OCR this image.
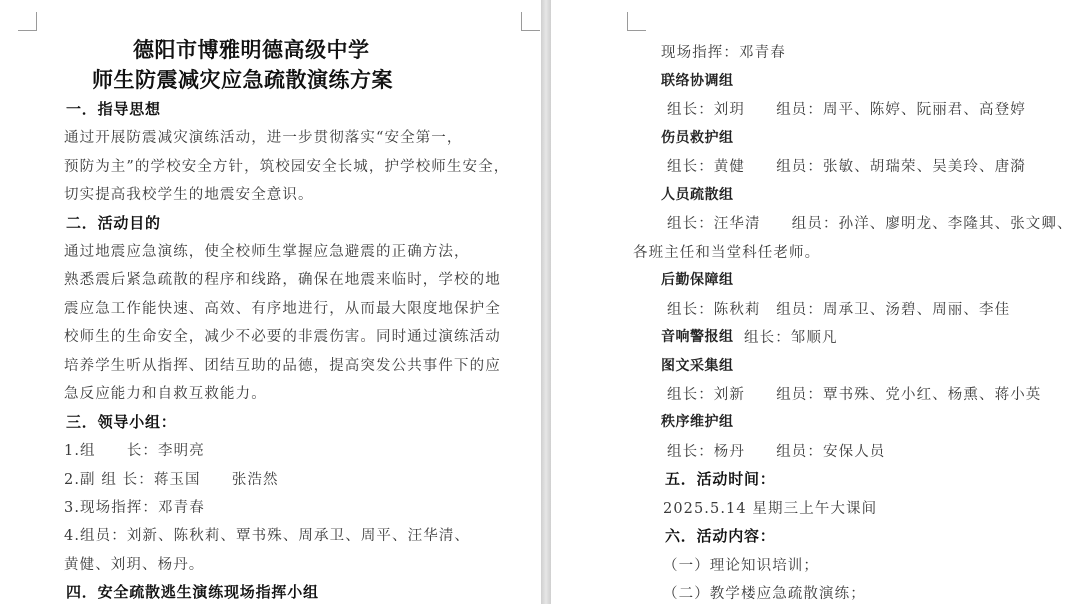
德阳市博雅明德高级中学
师生防震减灾应急疏散演练方案
一．指导思想
通过开展防震减灾演练活动，进一步贯彻落实“安全第一，
预防为主”的学校安全方针，筑校园安全长城，护学校师生安全，
切实提高我校学生的地震安全意识。
二．活动目的
通过地震应急演练，使全校师生掌握应急避震的正确方法，
熟悉震后紧急疏散的程序和线路，确保在地震来临时，学校的地
震应急工作能快速、高效、有序地进行，从而最大限度地保护全
校师生的生命安全，减少不必要的非震伤害。同时通过演练活动
培养学生听从指挥、团结互助的品德，提高突发公共事件下的应
急反应能力和自救互救能力。
三．领导小组：
1.组　　长：李明亮
2.副 组 长：蒋玉国　　张浩然
3.现场指挥：邓青春
4.组员：刘新、陈秋莉、覃书殊、周承卫、周平、汪华清、
黄健、刘玥、杨丹。
四．安全疏散逃生演练现场指挥小组
现场指挥：邓青春
联络协调组
组长：刘玥　　组员：周平、陈婷、阮丽君、高登婷
伤员救护组
组长：黄健　　组员：张敏、胡瑞荣、吴美玲、唐漪
人员疏散组
组长：汪华清　　组员：孙洋、廖明龙、李隆其、张文卿、
各班主任和当堂科任老师。
后勤保障组
组长：陈秋莉　组员：周承卫、汤碧、周丽、李佳
音响警报组 组长：邹顺凡
图文采集组
组长：刘新　　组员：覃书殊、党小红、杨熏、蒋小英
秩序维护组
组长：杨丹　　组员：安保人员
五．活动时间：
2025.5.14 星期三上午大课间
六．活动内容：
（一）理论知识培训；
（二）教学楼应急疏散演练；
